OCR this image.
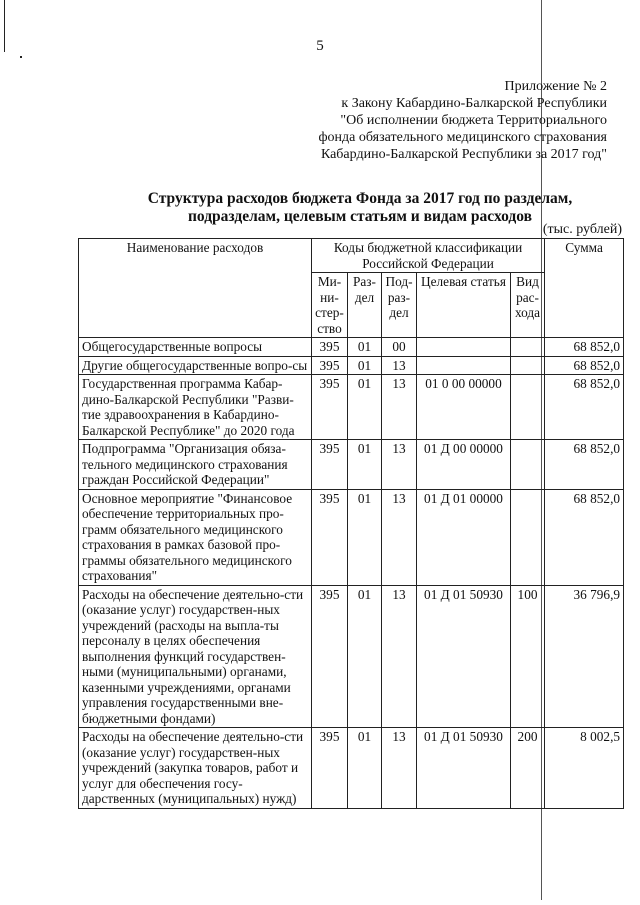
5
Приложение № 2
к Закону Кабардино-Балкарской Республики
"Об исполнении бюджета Территориального
фонда обязательного медицинского страхования
Кабардино-Балкарской Республики за 2017 год"
Структура расходов бюджета Фонда за 2017 год по разделам,
подразделам, целевым статьям и видам расходов
(тыс. рублей)
Наименование расходов	Коды бюджетной классификации Российской Федерации					Сумма
	Ми-ни-стер-ство	Раз-дел	Под-раз-дел	Целевая статья	Вид рас-хода	
Общегосударственные вопросы	395	01	00			68 852,0
Другие общегосударственные вопро-сы	395	01	13			68 852,0
Государственная программа Кабар-дино-Балкарской Республики "Разви-тие здравоохранения в Кабардино-Балкарской Республике" до 2020 года	395	01	13	01 0 00 00000		68 852,0
Подпрограмма "Организация обяза-тельного медицинского страхования граждан Российской Федерации"	395	01	13	01 Д 00 00000		68 852,0
Основное мероприятие "Финансовое обеспечение территориальных про-грамм обязательного медицинского страхования в рамках базовой про-граммы обязательного медицинского страхования"	395	01	13	01 Д 01 00000		68 852,0
Расходы на обеспечение деятельно-сти (оказание услуг) государствен-ных учреждений (расходы на выпла-ты персоналу в целях обеспечения выполнения функций государствен-ными (муниципальными) органами, казенными учреждениями, органами управления государственными вне-бюджетными фондами)	395	01	13	01 Д 01 50930	100	36 796,9
Расходы на обеспечение деятельно-сти (оказание услуг) государствен-ных учреждений (закупка товаров, работ и услуг для обеспечения госу-дарственных (муниципальных) нужд)	395	01	13	01 Д 01 50930	200	8 002,5
